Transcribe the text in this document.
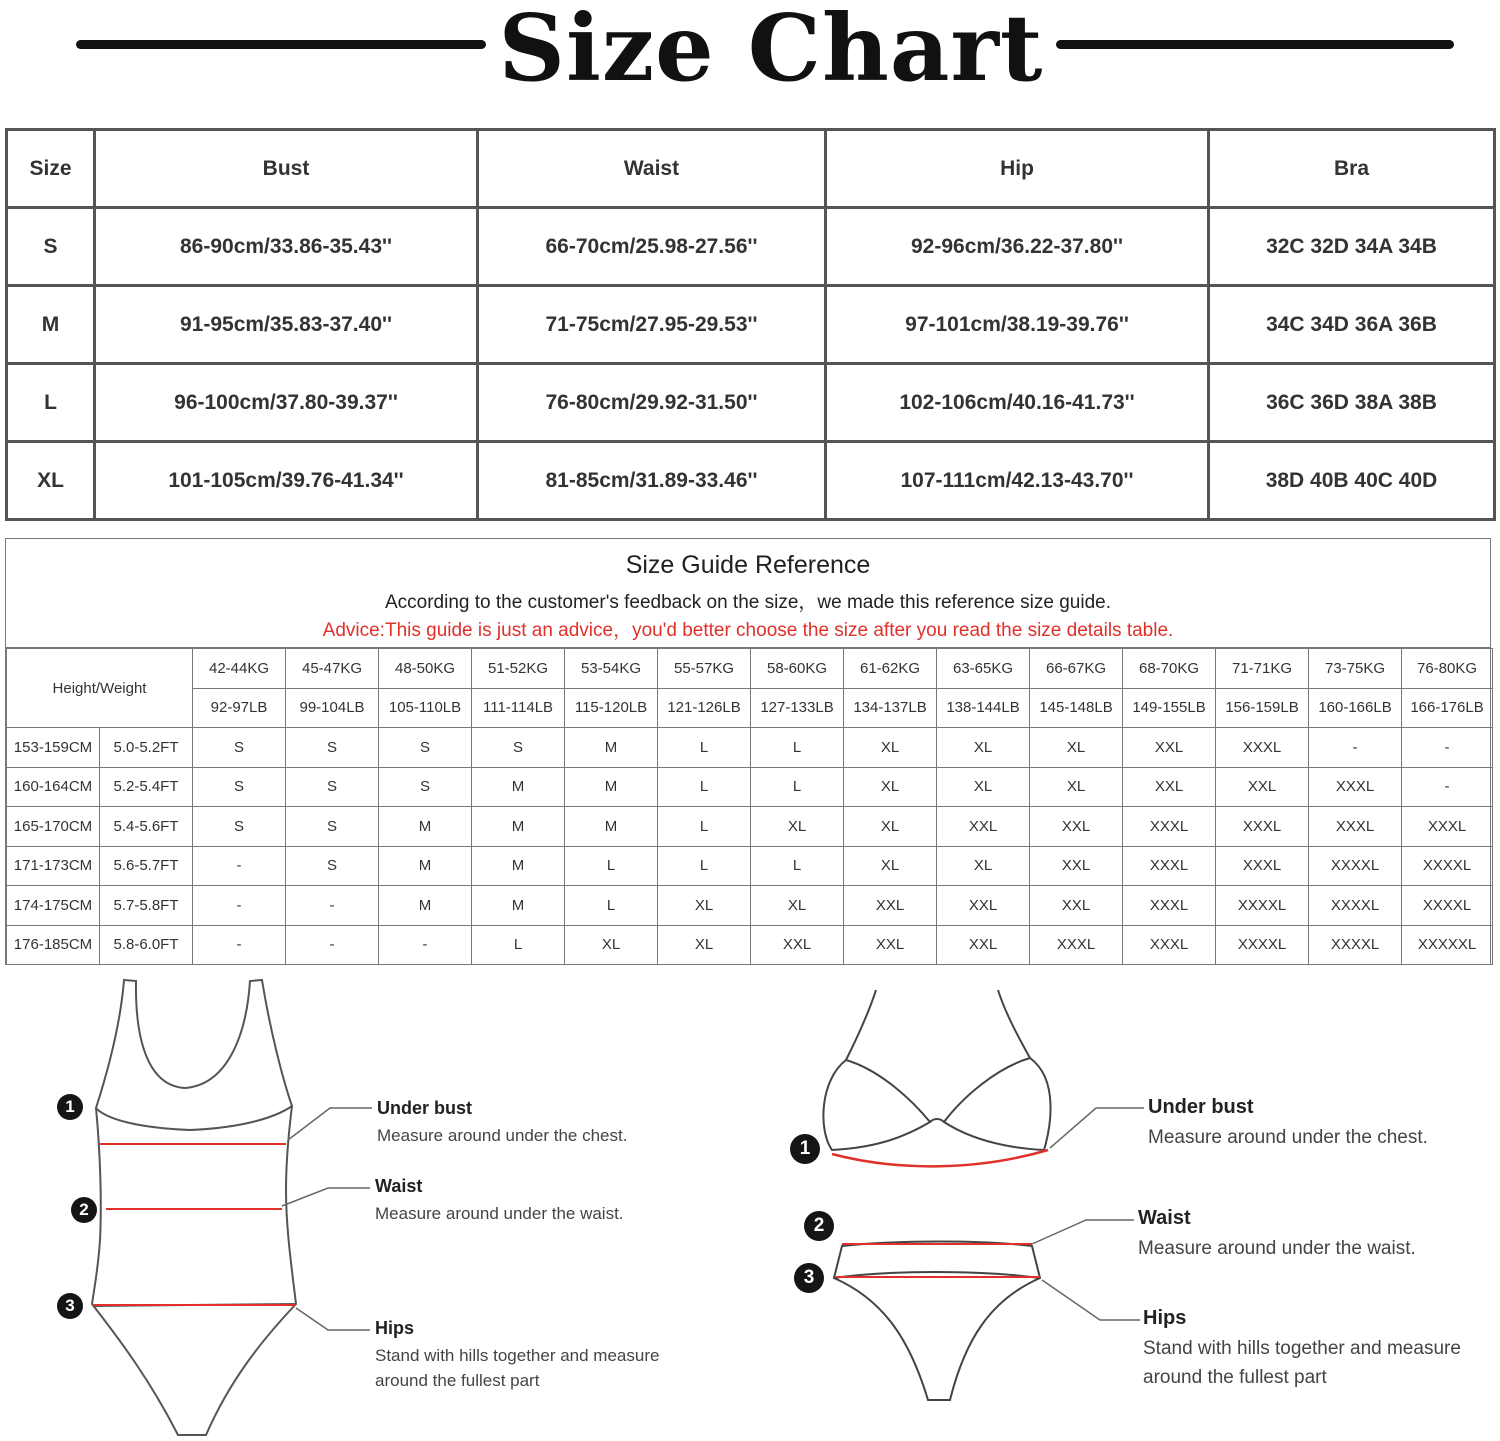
Size Chart
Size	Bust	Waist	Hip	Bra
S	86-90cm/33.86-35.43''	66-70cm/25.98-27.56''	92-96cm/36.22-37.80''	32C 32D 34A 34B
M	91-95cm/35.83-37.40''	71-75cm/27.95-29.53''	97-101cm/38.19-39.76''	34C 34D 36A 36B
L	96-100cm/37.80-39.37''	76-80cm/29.92-31.50''	102-106cm/40.16-41.73''	36C 36D 38A 38B
XL	101-105cm/39.76-41.34''	81-85cm/31.89-33.46''	107-111cm/42.13-43.70''	38D 40B 40C 40D
Size Guide Reference
According to the customer's feedback on the size，we made this reference size guide.
Advice:This guide is just an advice，you'd better choose the size after you read the size details table.
Height/Weight		42-44KG	45-47KG	48-50KG	51-52KG	53-54KG	55-57KG	58-60KG	61-62KG	63-65KG	66-67KG	68-70KG	71-71KG	73-75KG	76-80KG
		92-97LB	99-104LB	105-110LB	111-114LB	115-120LB	121-126LB	127-133LB	134-137LB	138-144LB	145-148LB	149-155LB	156-159LB	160-166LB	166-176LB
153-159CM	5.0-5.2FT	S	S	S	S	M	L	L	XL	XL	XL	XXL	XXXL	-	-
160-164CM	5.2-5.4FT	S	S	S	M	M	L	L	XL	XL	XL	XXL	XXL	XXXL	-
165-170CM	5.4-5.6FT	S	S	M	M	M	L	XL	XL	XXL	XXL	XXXL	XXXL	XXXL	XXXL
171-173CM	5.6-5.7FT	-	S	M	M	L	L	L	XL	XL	XXL	XXXL	XXXL	XXXXL	XXXXL
174-175CM	5.7-5.8FT	-	-	M	M	L	XL	XL	XXL	XXL	XXL	XXXL	XXXXL	XXXXL	XXXXL
176-185CM	5.8-6.0FT	-	-	-	L	XL	XL	XXL	XXL	XXL	XXXL	XXXL	XXXXL	XXXXL	XXXXXL
1
2
3
Under bust
Measure around under the chest.
Waist
Measure around under the waist.
Hips
Stand with hills together and measure
around the fullest part
1
2
3
Under bust
Measure around under the chest.
Waist
Measure around under the waist.
Hips
Stand with hills together and measure
around the fullest part
